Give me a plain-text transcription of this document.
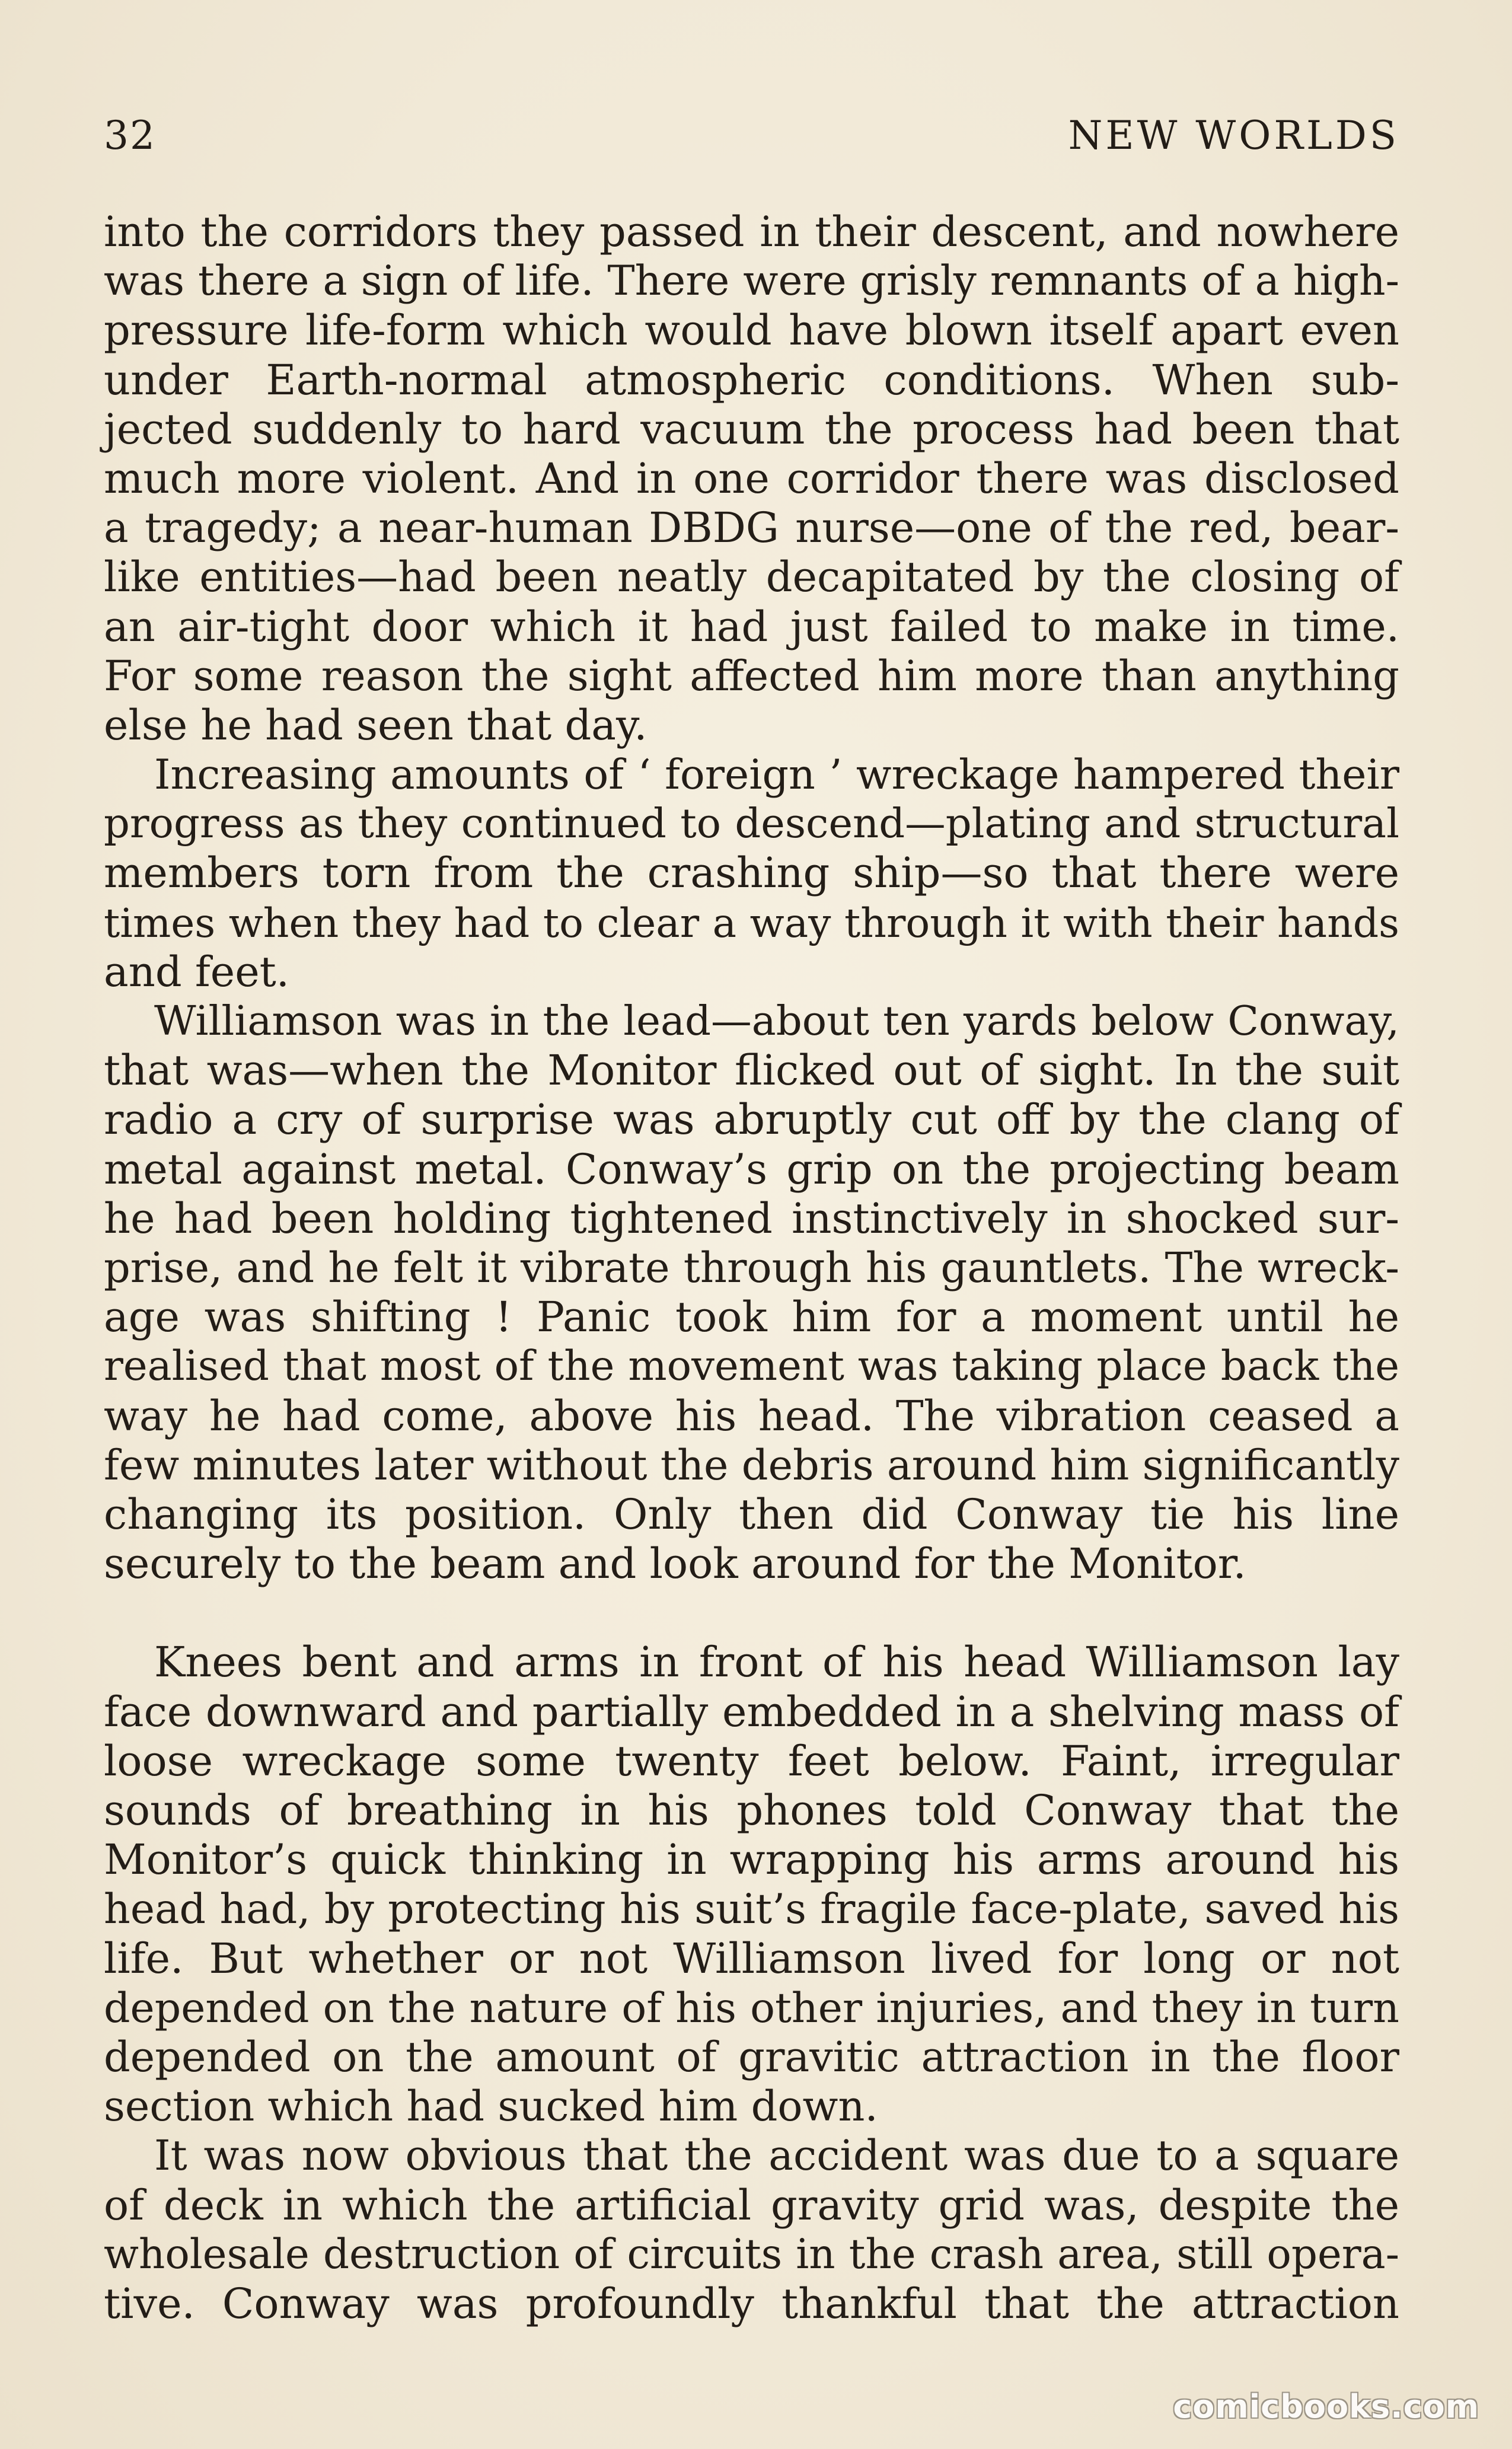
32	NEW WORLDS
into the corridors they passed in their descent, and nowhere
was there a sign of life. There were grisly remnants of a high-
pressure life-form which would have blown itself apart even
under Earth-normal atmospheric conditions. When sub-
jected suddenly to hard vacuum the process had been that
much more violent. And in one corridor there was disclosed
a tragedy; a near-human DBDG nurse—one of the red, bear-
like entities—had been neatly decapitated by the closing of
an air-tight door which it had just failed to make in time.
For some reason the sight affected him more than anything
else he had seen that day.
Increasing amounts of ‘ foreign ’ wreckage hampered their
progress as they continued to descend—plating and structural
members torn from the crashing ship—so that there were
times when they had to clear a way through it with their hands
and feet.
Williamson was in the lead—about ten yards below Conway,
that was—when the Monitor flicked out of sight. In the suit
radio a cry of surprise was abruptly cut off by the clang of
metal against metal. Conway’s grip on the projecting beam
he had been holding tightened instinctively in shocked sur-
prise, and he felt it vibrate through his gauntlets. The wreck-
age was shifting ! Panic took him for a moment until he
realised that most of the movement was taking place back the
way he had come, above his head. The vibration ceased a
few minutes later without the debris around him significantly
changing its position. Only then did Conway tie his line
securely to the beam and look around for the Monitor.
Knees bent and arms in front of his head Williamson lay
face downward and partially embedded in a shelving mass of
loose wreckage some twenty feet below. Faint, irregular
sounds of breathing in his phones told Conway that the
Monitor’s quick thinking in wrapping his arms around his
head had, by protecting his suit’s fragile face-plate, saved his
life. But whether or not Williamson lived for long or not
depended on the nature of his other injuries, and they in turn
depended on the amount of gravitic attraction in the floor
section which had sucked him down.
It was now obvious that the accident was due to a square
of deck in which the artificial gravity grid was, despite the
wholesale destruction of circuits in the crash area, still opera-
tive. Conway was profoundly thankful that the attraction
comicbooks.com
